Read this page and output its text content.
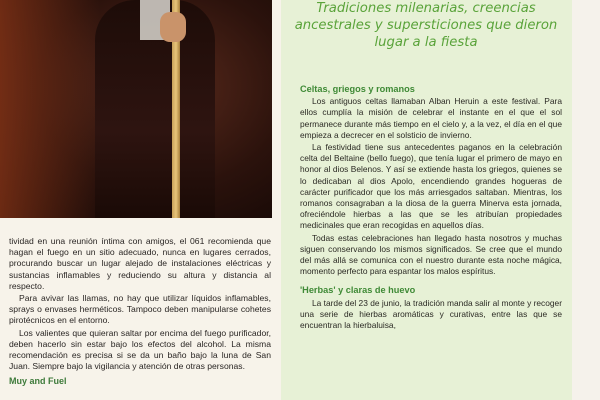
tividad en una reunión íntima con amigos, el 061 recomienda que hagan el fuego en un sitio adecuado, nunca en lugares cerrados, procurando buscar un lugar alejado de instalaciones eléctricas y sustancias inflamables y reduciendo su altura y distancia al respecto.

Para avivar las llamas, no hay que utilizar líquidos inflamables, sprays o envases herméticos. Tampoco deben manipularse cohetes pirotécnicos en el entorno.

Los valientes que quieran saltar por encima del fuego purificador, deben hacerlo sin estar bajo los efectos del alcohol. La misma recomendación es precisa si se da un baño bajo la luna de San Juan. Siempre bajo la vigilancia y atención de otras personas.

Muy and Fuel
Tradiciones milenarias, creencias ancestrales y supersticiones que dieron lugar a la fiesta
Celtas, griegos y romanos

Los antiguos celtas llamaban Alban Heruin a este festival. Para ellos cumplía la misión de celebrar el instante en el que el sol permanece durante más tiempo en el cielo y, a la vez, el día en el que empieza a decrecer en el solsticio de invierno.

La festividad tiene sus antecedentes paganos en la celebración celta del Beltaine (bello fuego), que tenía lugar el primero de mayo en honor al dios Belenos. Y así se extiende hasta los griegos, quienes se lo dedicaban al dios Apolo, encendiendo grandes hogueras de carácter purificador que los más arriesgados saltaban. Mientras, los romanos consagraban a la diosa de la guerra Minerva esta jornada, ofreciéndole hierbas a las que se les atribuían propiedades medicinales que eran recogidas en aquellos días.

Todas estas celebraciones han llegado hasta nosotros y muchas siguen conservando los mismos significados. Se cree que el mundo del más allá se comunica con el nuestro durante esta noche mágica, momento perfecto para espantar los malos espíritus.

'Herbas' y claras de huevo

La tarde del 23 de junio, la tradición manda salir al monte y recoger una serie de hierbas aromáticas y curativas, entre las que se encuentran la hierbaluisa,
